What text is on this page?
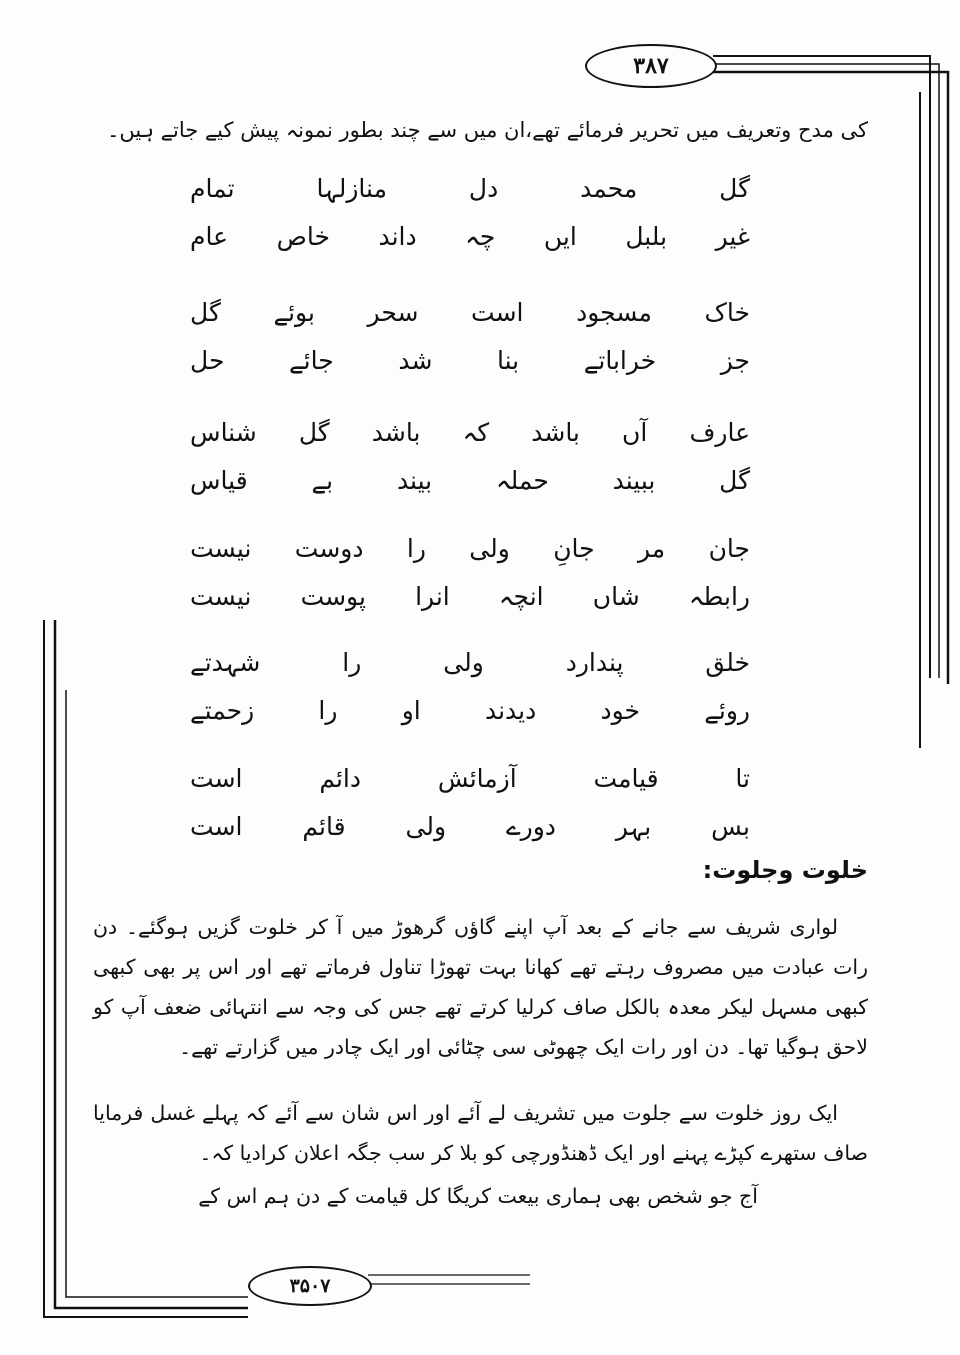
۳۸۷
۳۵۰۷
کی مدح وتعریف میں تحریر فرمائے تھے،ان میں سے چند بطور نمونہ پیش کیے جاتے ہیں۔
گل
محمد
دل
منازلہا
تمام
غیر
بلبل
ایں
چہ
داند
خاص
عام
خاک
مسجود
است
سحر
بوئے
گل
جز
خراباتے
بنا
شد
جائے
حل
عارف
آں
باشد
کہ
باشد
گل
شناس
گل
ببیند
حملہ
بیند
بے
قیاس
جان
مر
جانِ
ولی
را
دوست
نیست
رابطہ
شاں
انچہ
انرا
پوست
نیست
خلق
پندارد
ولی
را
شہدتے
روئے
خود
دیدند
او
را
زحمتے
تا
قیامت
آزمائش
دائم
است
بس
بہر
دورے
ولی
قائم
است
خلوت وجلوت:
لواری شریف سے جانے کے بعد آپ اپنے گاؤں گرھوڑ میں آ کر خلوت گزیں ہوگئے۔ دن رات عبادت میں مصروف رہتے تھے کھانا بہت تھوڑا تناول فرماتے تھے اور اس پر بھی کبھی کبھی مسہل لیکر معدہ بالکل صاف کرلیا کرتے تھے جس کی وجہ سے انتہائی ضعف آپ کو لاحق ہوگیا تھا۔ دن اور رات ایک چھوٹی سی چٹائی اور ایک چادر میں گزارتے تھے۔
ایک روز خلوت سے جلوت میں تشریف لے آئے اور اس شان سے آئے کہ پہلے غسل فرمایا صاف ستھرے کپڑے پہنے اور ایک ڈھنڈورچی کو بلا کر سب جگہ اعلان کرادیا کہ۔
آج جو شخص بھی ہماری بیعت کریگا کل قیامت کے دن ہم اس کے
